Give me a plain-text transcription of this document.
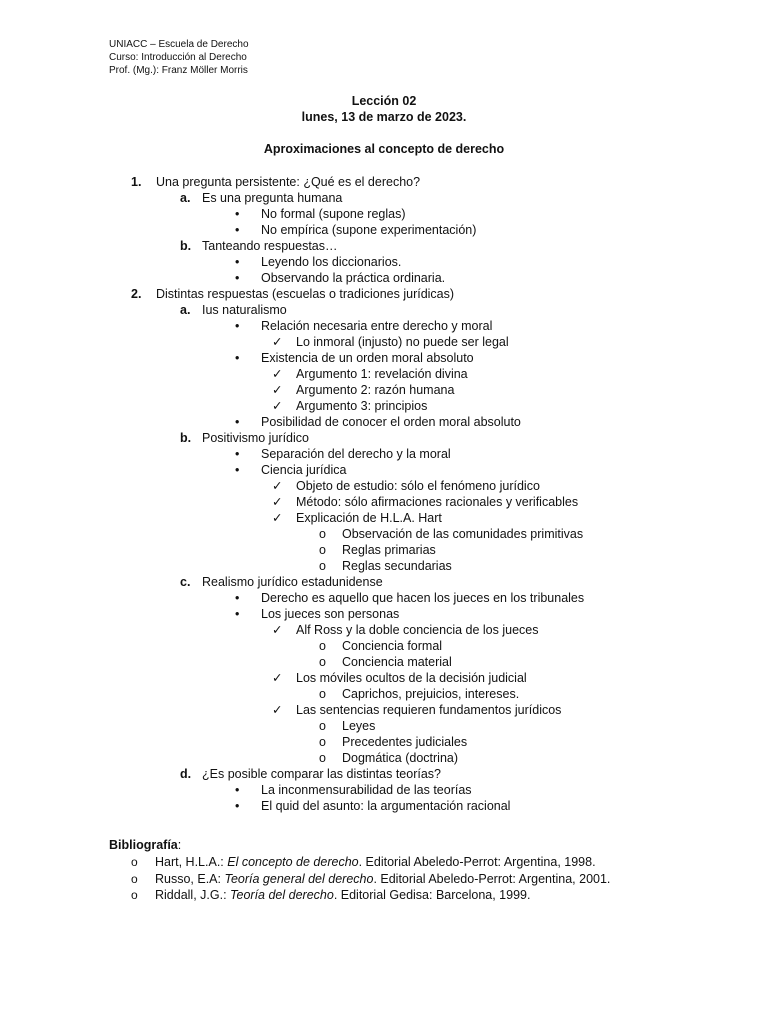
UNIACC – Escuela de Derecho
Curso: Introducción al Derecho
Prof. (Mg.): Franz Möller Morris
Lección 02
lunes, 13 de marzo de 2023.
Aproximaciones al concepto de derecho
1. Una pregunta persistente: ¿Qué es el derecho?
a. Es una pregunta humana
• No formal (supone reglas)
• No empírica (supone experimentación)
b. Tanteando respuestas…
• Leyendo los diccionarios.
• Observando la práctica ordinaria.
2. Distintas respuestas (escuelas o tradiciones jurídicas)
a. Ius naturalismo
• Relación necesaria entre derecho y moral
✓ Lo inmoral (injusto) no puede ser legal
• Existencia de un orden moral absoluto
✓ Argumento 1: revelación divina
✓ Argumento 2: razón humana
✓ Argumento 3: principios
• Posibilidad de conocer el orden moral absoluto
b. Positivismo jurídico
• Separación del derecho y la moral
• Ciencia jurídica
✓ Objeto de estudio: sólo el fenómeno jurídico
✓ Método: sólo afirmaciones racionales y verificables
✓ Explicación de H.L.A. Hart
o Observación de las comunidades primitivas
o Reglas primarias
o Reglas secundarias
c. Realismo jurídico estadunidense
• Derecho es aquello que hacen los jueces en los tribunales
• Los jueces son personas
✓ Alf Ross y la doble conciencia de los jueces
o Conciencia formal
o Conciencia material
✓ Los móviles ocultos de la decisión judicial
o Caprichos, prejuicios, intereses.
✓ Las sentencias requieren fundamentos jurídicos
o Leyes
o Precedentes judiciales
o Dogmática (doctrina)
d. ¿Es posible comparar las distintas teorías?
• La inconmensurabilidad de las teorías
• El quid del asunto: la argumentación racional
Bibliografía:
o Hart, H.L.A.: El concepto de derecho. Editorial Abeledo-Perrot: Argentina, 1998.
o Russo, E.A: Teoría general del derecho. Editorial Abeledo-Perrot: Argentina, 2001.
o Riddall, J.G.: Teoría del derecho. Editorial Gedisa: Barcelona, 1999.
